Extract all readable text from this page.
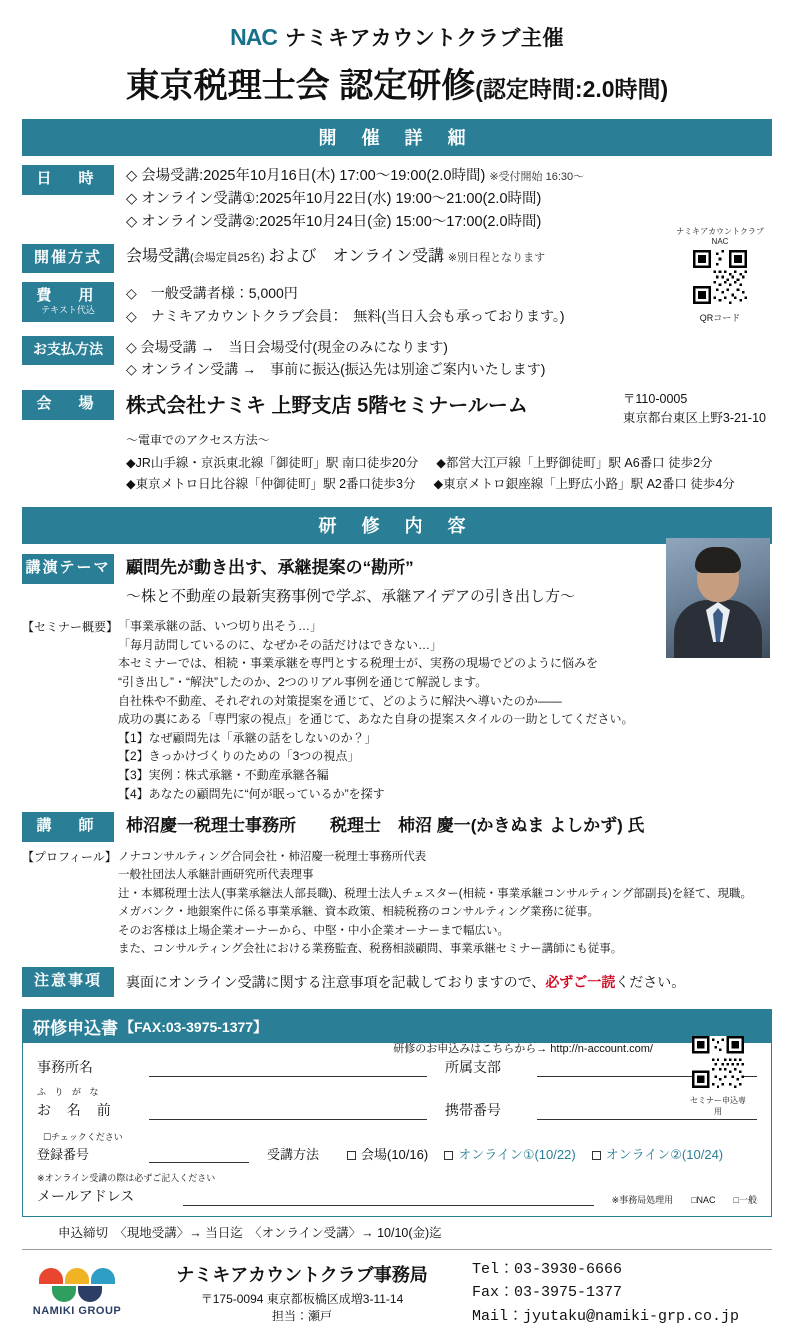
NAC ナミキアカウントクラブ主催
東京税理士会 認定研修(認定時間:2.0時間)
開 催 詳 細
日　時	◇ 会場受講:2025年10月16日(木) 17:00～19:00(2.0時間) ※受付開始 16:30～
◇ オンライン受講①:2025年10月22日(水) 19:00～21:00(2.0時間)
◇ オンライン受講②:2025年10月24日(金) 15:00～17:00(2.0時間)
開催方式	会場受講(会場定員25名) および　オンライン受講 ※別日程となります
ナミキアカウントクラブ
NAC
QRコード
費　用
テキスト代込
◇　一般受講者様：5,000円
◇　ナミキアカウントクラブ会員：　無料(当日入会も承っております。)
お支払方法	◇ 会場受講 →　当日会場受付(現金のみになります)
◇ オンライン受講 →　事前に振込(振込先は別途ご案内いたします)
会　場	株式会社ナミキ 上野支店 5階セミナールーム	〒110-0005
東京都台東区上野3-21-10
～電車でのアクセス方法～
◆JR山手線・京浜東北線「御徒町」駅 南口徒歩20分 ◆都営大江戸線「上野御徒町」駅 A6番口 徒歩2分
◆東京メトロ日比谷線「仲御徒町」駅 2番口徒歩3分 ◆東京メトロ銀座線「上野広小路」駅 A2番口 徒歩4分
研 修 内 容
講演テーマ 顧問先が動き出す、承継提案の“勘所”
～株と不動産の最新実務事例で学ぶ、承継アイデアの引き出し方～
【セミナー概要】 「事業承継の話、いつ切り出そう…」
「毎月訪問しているのに、なぜかその話だけはできない…」
本セミナーでは、相続・事業承継を専門とする税理士が、実務の現場でどのように悩みを
“引き出し”・“解決”したのか、2つのリアル事例を通じて解説します。
自社株や不動産、それぞれの対策提案を通じて、どのように解決へ導いたのか――
成功の裏にある「専門家の視点」を通じて、あなた自身の提案スタイルの一助としてください。
【1】なぜ顧問先は「承継の話をしないのか？」
【2】きっかけづくりのための「3つの視点」
【3】実例：株式承継・不動産承継各編
【4】あなたの顧問先に“何が眠っているか”を探す
講　師	柿沼慶一税理士事務所　　税理士　柿沼 慶一(かきぬま よしかず) 氏
【プロフィール】 ノナコンサルティング合同会社・柿沼慶一税理士事務所代表
一般社団法人承継計画研究所代表理事
辻・本郷税理士法人(事業承継法人部長職)、税理士法人チェスター(相続・事業承継コンサルティング部副長)を経て、現職。
メガバンク・地銀案件に係る事業承継、資本政策、相続税務のコンサルティング業務に従事。
そのお客様は上場企業オーナーから、中堅・中小企業オーナーまで幅広い。
また、コンサルティング会社における業務監査、税務相談顧問、事業承継セミナー講師にも従事。
注意事項	裏面にオンライン受講に関する注意事項を記載しておりますので、必ずご一読ください。
研修申込書 【FAX:03-3975-1377】
研修のお申込みはこちらから→ http://n-account.com/
セミナー申込専用
事務所名	所属支部
ふ り が な
お 名 前	携帯番号
☐チェックください
登録番号	受講方法	会場(10/16)	オンライン①(10/22)	オンライン②(10/24)
※オンライン受講の際は必ずご記入ください
メールアドレス	※事務局処理用　　□NAC　　□一般
申込締切　〈現地受講〉→ 当日迄　〈オンライン受講〉→ 10/10(金)迄
NAMIKI GROUP
ナミキアカウントクラブ事務局
〒175-0094 東京都板橋区成増3-11-14
担当：瀬戸
Tel：03-3930-6666
Fax：03-3975-1377
Mail：jyutaku@namiki-grp.co.jp
